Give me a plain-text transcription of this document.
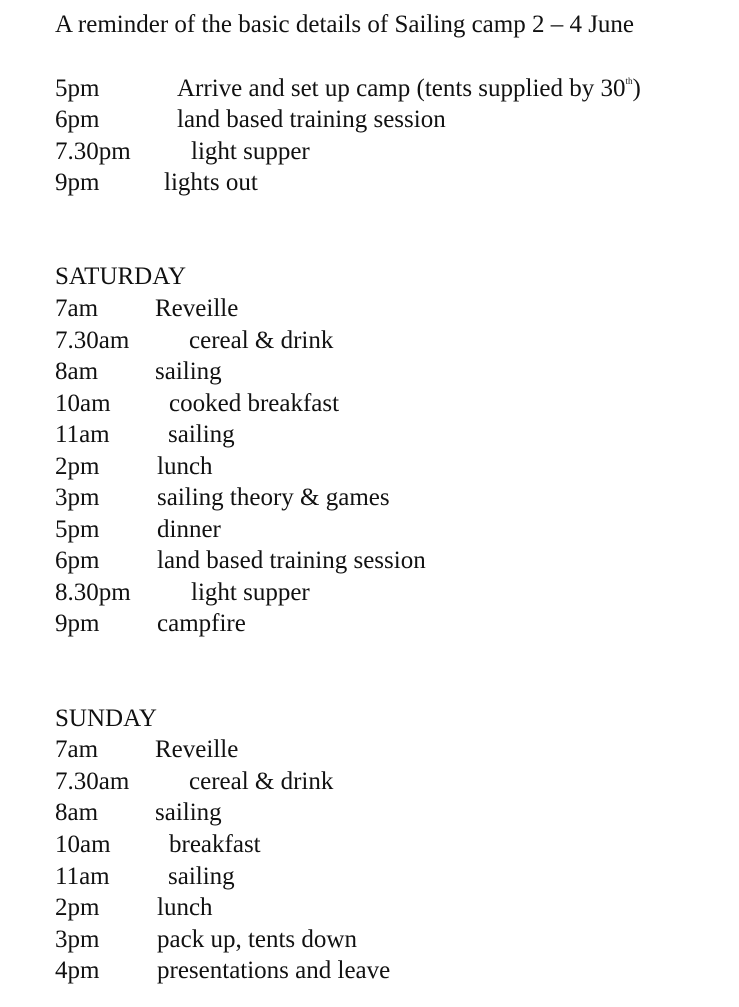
A reminder of the basic details of Sailing camp 2 – 4 June
5pm	Arrive and set up camp (tents supplied by 30th)
6pm	land based training session
7.30pm light supper
9pm	lights out
SATURDAY
7am Reveille
7.30am cereal & drink
8am sailing
10am cooked breakfast
11am sailing
2pm lunch
3pm sailing theory & games
5pm dinner
6pm land based training session
8.30pm light supper
9pm campfire
SUNDAY
7am Reveille
7.30am cereal & drink
8am sailing
10am breakfast
11am sailing
2pm lunch
3pm pack up, tents down
4pm presentations and leave
